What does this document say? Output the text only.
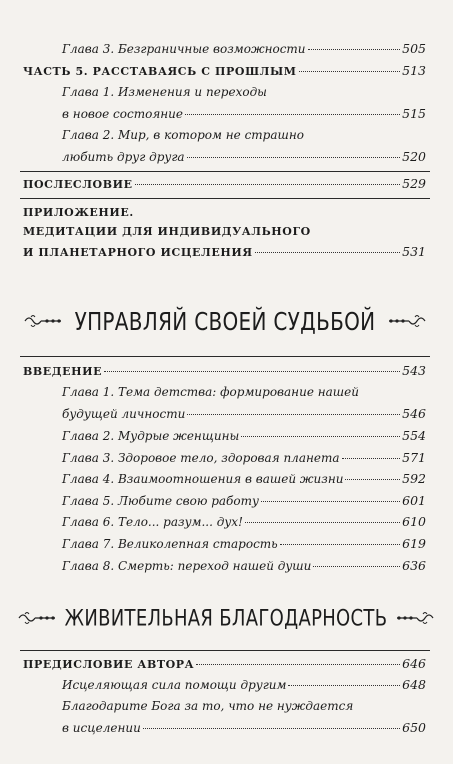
Глава 3. Безграничные возможности	505
ЧАСТЬ 5. РАССТАВАЯСЬ С ПРОШЛЫМ	513
Глава 1. Изменения и переходы
в новое состояние	515
Глава 2. Мир, в котором не страшно
любить друг друга	520
ПОСЛЕСЛОВИЕ	529
ПРИЛОЖЕНИЕ.
МЕДИТАЦИИ ДЛЯ ИНДИВИДУАЛЬНОГО
И ПЛАНЕТАРНОГО ИСЦЕЛЕНИЯ	531
УПРАВЛЯЙ СВОЕЙ СУДЬБОЙ
ВВЕДЕНИЕ	543
Глава 1. Тема детства: формирование нашей
будущей личности	546
Глава 2. Мудрые женщины	554
Глава 3. Здоровое тело, здоровая планета	571
Глава 4. Взаимоотношения в вашей жизни	592
Глава 5. Любите свою работу	601
Глава 6. Тело... разум... дух!	610
Глава 7. Великолепная старость	619
Глава 8. Смерть: переход нашей души	636
ЖИВИТЕЛЬНАЯ БЛАГОДАРНОСТЬ
ПРЕДИСЛОВИЕ АВТОРА	646
Исцеляющая сила помощи другим	648
Благодарите Бога за то, что не нуждается
в исцелении	650
